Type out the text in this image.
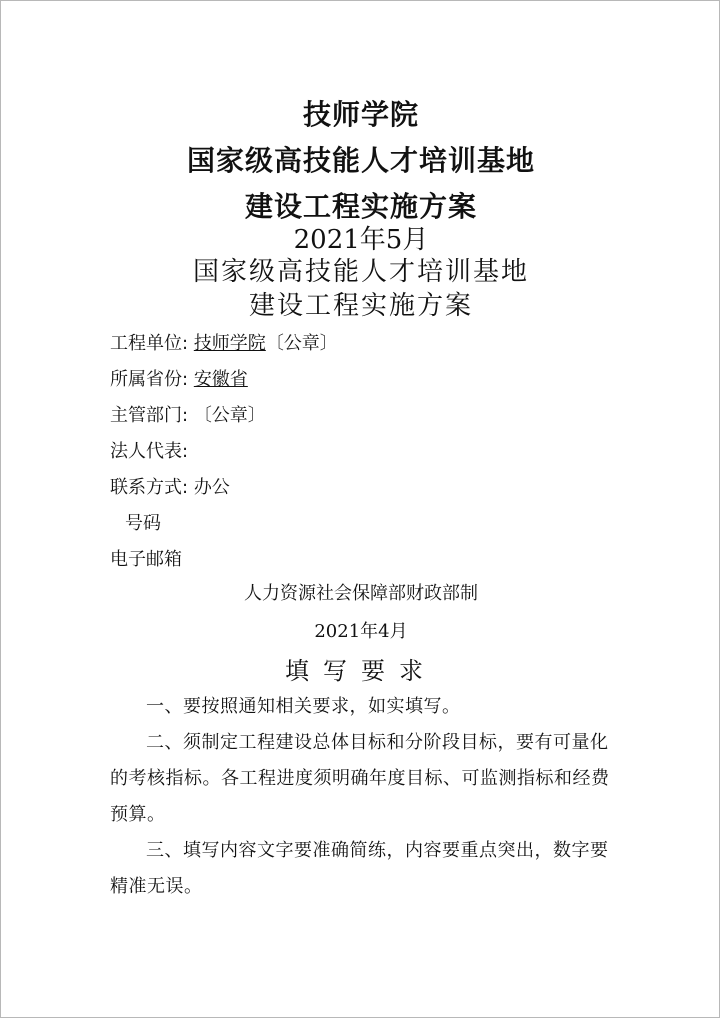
技师学院
国家级高技能人才培训基地
建设工程实施方案
2021年5月
国家级高技能人才培训基地
建设工程实施方案
工程单位: 技师学院〔公章〕
所属省份: 安徽省
主管部门: 〔公章〕
法人代表:
联系方式: 办公
号码
电子邮箱
人力资源社会保障部财政部制
2021年4月
填写要求
一、要按照通知相关要求，如实填写。
二、须制定工程建设总体目标和分阶段目标，要有可量化的考核指标。各工程进度须明确年度目标、可监测指标和经费预算。
三、填写内容文字要准确简练，内容要重点突出，数字要精准无误。
